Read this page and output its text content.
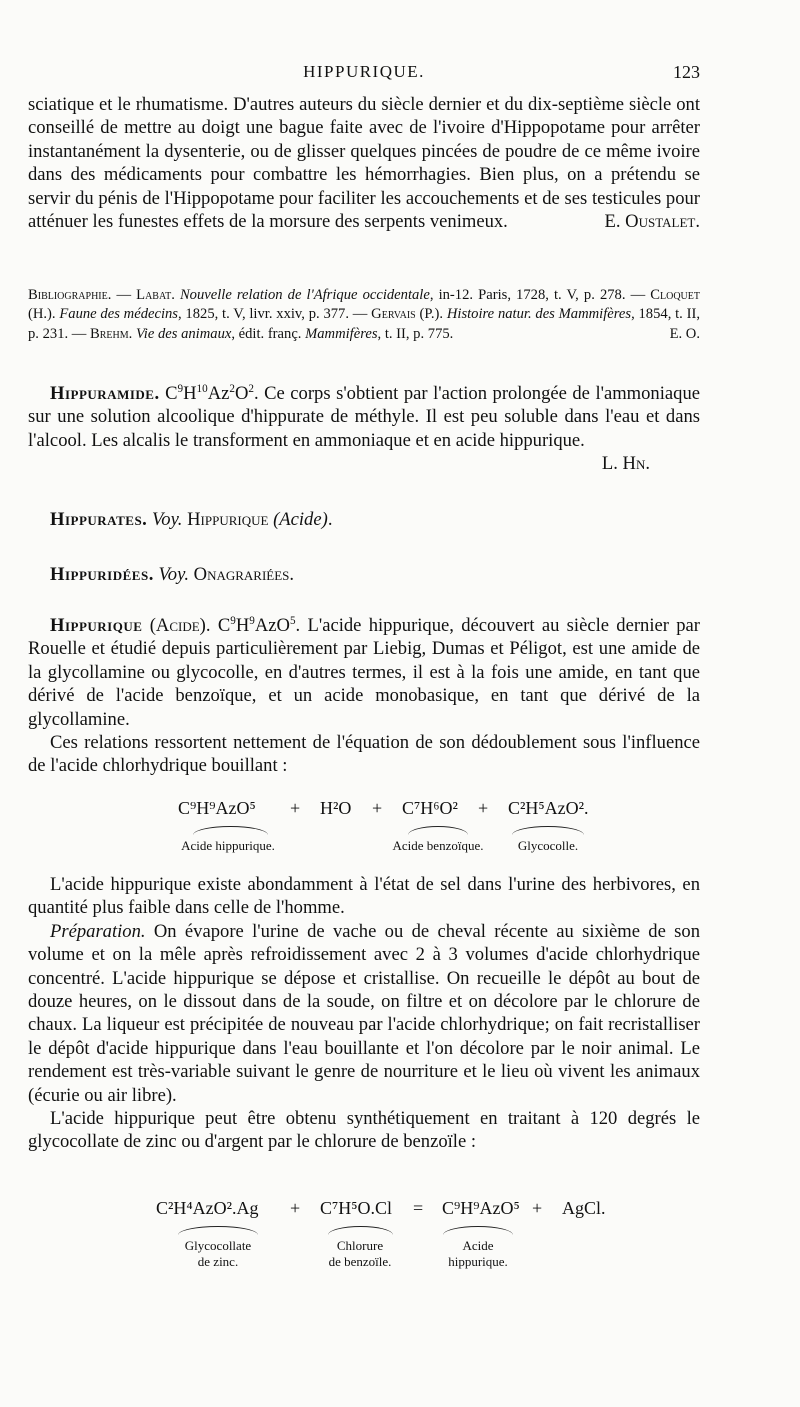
HIPPURIQUE.	123

sciatique et le rhumatisme. D'autres auteurs du siècle dernier et du dix-septième siècle ont conseillé de mettre au doigt une bague faite avec de l'ivoire d'Hippopotame pour arrêter instantanément la dysenterie, ou de glisser quelques pincées de poudre de ce même ivoire dans des médicaments pour combattre les hémorrhagies. Bien plus, on a prétendu se servir du pénis de l'Hippopotame pour faciliter les accouchements et de ses testicules pour atténuer les funestes effets de la morsure des serpents venimeux.	E. Oustalet.

Bibliographie. — Labat. Nouvelle relation de l'Afrique occidentale, in-12. Paris, 1728, t. V, p. 278. — Cloquet (H.). Faune des médecins, 1825, t. V, livr. xxiv, p. 377. — Gervais (P.). Histoire natur. des Mammifères, 1854, t. II, p. 231. — Brehm. Vie des animaux, édit. franç. Mammifères, t. II, p. 775.	E. O.

Hippuramide. $C^9H^{10}Az^2O^2$. Ce corps s'obtient par l'action prolongée de l'ammoniaque sur une solution alcoolique d'hippurate de méthyle. Il est peu soluble dans l'eau et dans l'alcool. Les alcalis le transforment en ammoniaque et en acide hippurique.
L. Hn.

Hippurates. Voy. Hippurique (Acide).

Hippuridées. Voy. Onagrariées.

Hippurique (Acide). $C^9H^9AzO^5$. L'acide hippurique, découvert au siècle dernier par Rouelle et étudié depuis particulièrement par Liebig, Dumas et Péligot, est une amide de la glycollamine ou glycocolle, en d'autres termes, il est à la fois une amide, en tant que dérivé de l'acide benzoïque, et un acide monobasique, en tant que dérivé de la glycollamine.

Ces relations ressortent nettement de l'équation de son dédoublement sous l'influence de l'acide chlorhydrique bouillant :

C⁹H⁹AzO⁵ + H²O + C⁷H⁶O² + C²H⁵AzO².
Acide hippurique.	Acide benzoïque.	Glycocolle.

L'acide hippurique existe abondamment à l'état de sel dans l'urine des herbivores, en quantité plus faible dans celle de l'homme.

Préparation. On évapore l'urine de vache ou de cheval récente au sixième de son volume et on la mêle après refroidissement avec 2 à 3 volumes d'acide chlorhydrique concentré. L'acide hippurique se dépose et cristallise. On recueille le dépôt au bout de douze heures, on le dissout dans de la soude, on filtre et on décolore par le chlorure de chaux. La liqueur est précipitée de nouveau par l'acide chlorhydrique; on fait recristalliser le dépôt d'acide hippurique dans l'eau bouillante et l'on décolore par le noir animal. Le rendement est très-variable suivant le genre de nourriture et le lieu où vivent les animaux (écurie ou air libre).

L'acide hippurique peut être obtenu synthétiquement en traitant à 120 degrés le glycocollate de zinc ou d'argent par le chlorure de benzoïle :

C²H⁴AzO².Ag + C⁷H⁵O.Cl = C⁹H⁹AzO⁵ + AgCl.
Glycocollate
de zinc.
Chlorure
de benzoïle.
Acide
hippurique.
